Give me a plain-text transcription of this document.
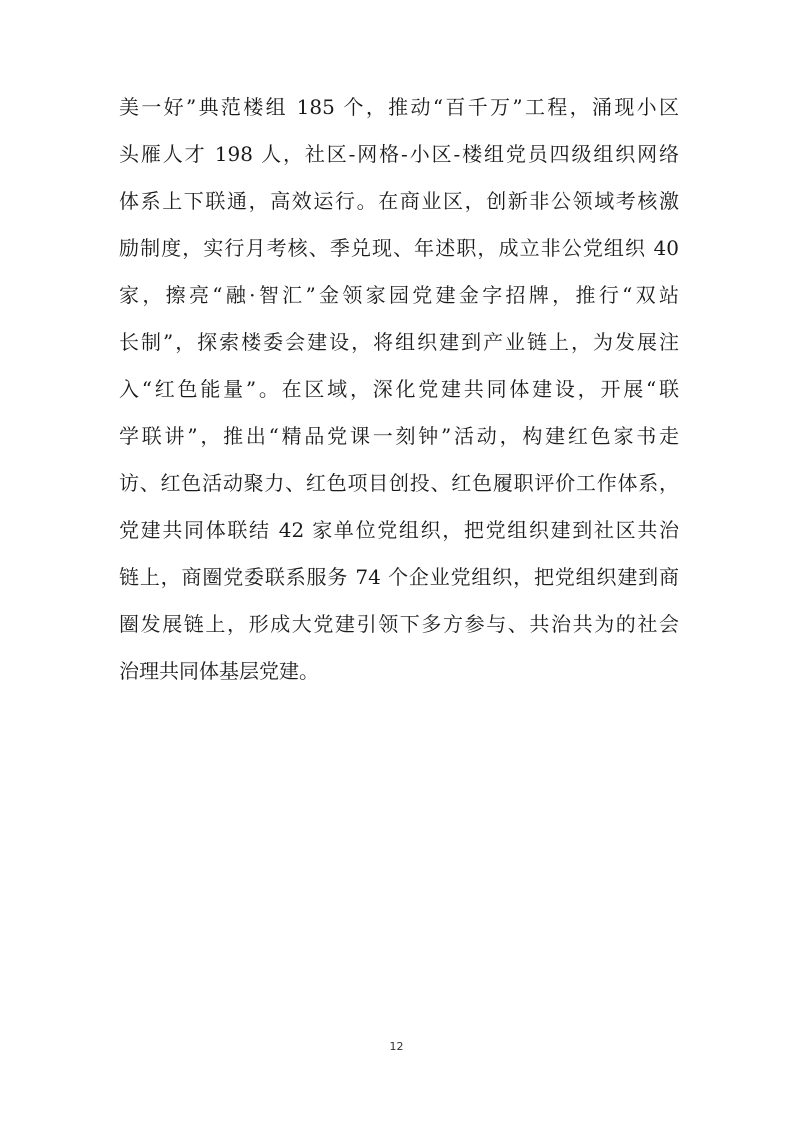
美一好”典范楼组 185 个，推动“百千万”工程，涌现小区
头雁人才 198 人，社区-网格-小区-楼组党员四级组织网络
体系上下联通，高效运行。在商业区，创新非公领域考核激
励制度，实行月考核、季兑现、年述职，成立非公党组织 40
家，擦亮“融·智汇”金领家园党建金字招牌，推行“双站
长制”，探索楼委会建设，将组织建到产业链上，为发展注
入“红色能量”。在区域，深化党建共同体建设，开展“联
学联讲”，推出“精品党课一刻钟”活动，构建红色家书走
访、红色活动聚力、红色项目创投、红色履职评价工作体系，
党建共同体联结 42 家单位党组织，把党组织建到社区共治
链上，商圈党委联系服务 74 个企业党组织，把党组织建到商
圈发展链上，形成大党建引领下多方参与、共治共为的社会
治理共同体基层党建。
12
